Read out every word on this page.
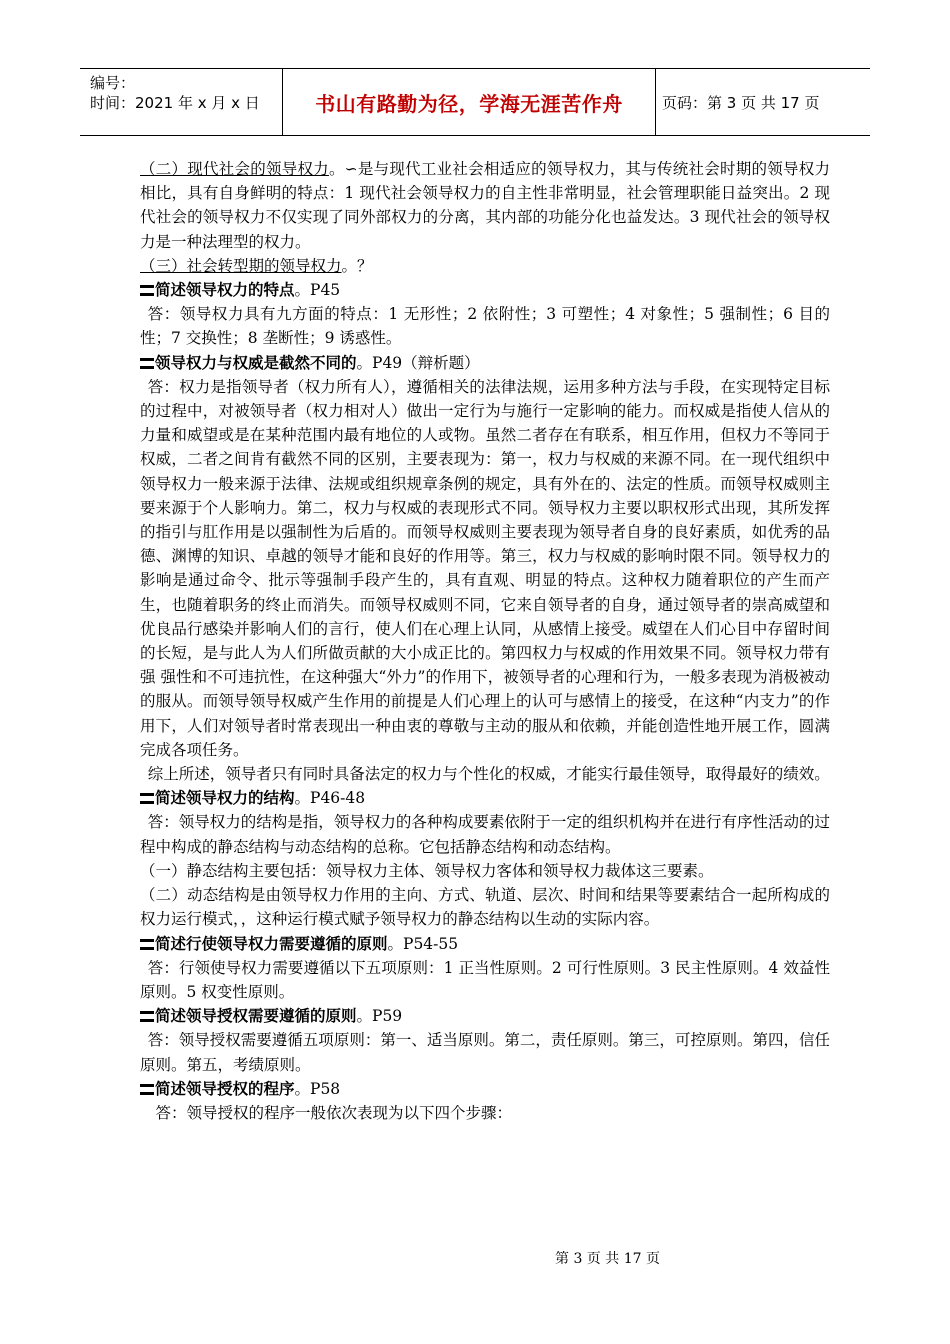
编号：
时间：2021 年 x 月 x 日	书山有路勤为径，学海无涯苦作舟	页码：第 3 页 共 17 页

（二）现代社会的领导权力。∽是与现代工业社会相适应的领导权力，其与传统社会时期的领导权力相比，具有自身鲜明的特点：1 现代社会领导权力的自主性非常明显，社会管理职能日益突出。2 现代社会的领导权力不仅实现了同外部权力的分离，其内部的功能分化也益发达。3 现代社会的领导权力是一种法理型的权力。

（三）社会转型期的领导权力。？

简述领导权力的特点。P45

答：领导权力具有九方面的特点：1 无形性；2 依附性；3 可塑性；4 对象性；5 强制性；6 目的性；7 交换性；8 垄断性；9 诱惑性。

领导权力与权威是截然不同的。P49（辩析题）

答：权力是指领导者（权力所有人），遵循相关的法律法规，运用多种方法与手段，在实现特定目标的过程中，对被领导者（权力相对人）做出一定行为与施行一定影响的能力。而权威是指使人信从的力量和威望或是在某种范围内最有地位的人或物。虽然二者存在有联系，相互作用，但权力不等同于权威，二者之间肯有截然不同的区别，主要表现为：第一，权力与权威的来源不同。在一现代组织中领导权力一般来源于法律、法规或组织规章条例的规定，具有外在的、法定的性质。而领导权威则主要来源于个人影响力。第二，权力与权威的表现形式不同。领导权力主要以职权形式出现，其所发挥的指引与肛作用是以强制性为后盾的。而领导权威则主要表现为领导者自身的良好素质，如优秀的品德、渊博的知识、卓越的领导才能和良好的作用等。第三，权力与权威的影响时限不同。领导权力的影响是通过命令、批示等强制手段产生的，具有直观、明显的特点。这种权力随着职位的产生而产生，也随着职务的终止而消失。而领导权威则不同，它来自领导者的自身，通过领导者的崇高威望和优良品行感染并影响人们的言行，使人们在心理上认同，从感情上接受。威望在人们心目中存留时间的长短，是与此人为人们所做贡献的大小成正比的。第四权力与权威的作用效果不同。领导权力带有强 强性和不可违抗性，在这种强大“外力”的作用下，被领导者的心理和行为，一般多表现为消极被动的服从。而领导领导权威产生作用的前提是人们心理上的认可与感情上的接受，在这种“内支力”的作用下，人们对领导者时常表现出一种由衷的尊敬与主动的服从和依赖，并能创造性地开展工作，圆满完成各项任务。

综上所述，领导者只有同时具备法定的权力与个性化的权威，才能实行最佳领导，取得最好的绩效。

简述领导权力的结构。P46-48

答：领导权力的结构是指，领导权力的各种构成要素依附于一定的组织机构并在进行有序性活动的过程中构成的静态结构与动态结构的总称。它包括静态结构和动态结构。

（一）静态结构主要包括：领导权力主体、领导权力客体和领导权力裁体这三要素。

（二）动态结构是由领导权力作用的主向、方式、轨道、层次、时间和结果等要素结合一起所构成的权力运行模式，，这种运行模式赋予领导权力的静态结构以生动的实际内容。

简述行使领导权力需要遵循的原则。P54-55

答：行领使导权力需要遵循以下五项原则：1 正当性原则。2 可行性原则。3 民主性原则。4 效益性原则。5 权变性原则。

简述领导授权需要遵循的原则。P59

答：领导授权需要遵循五项原则：第一、适当原则。第二，责任原则。第三，可控原则。第四，信任原则。第五，考绩原则。

简述领导授权的程序。P58

答：领导授权的程序一般依次表现为以下四个步骤：

第 3 页 共 17 页
